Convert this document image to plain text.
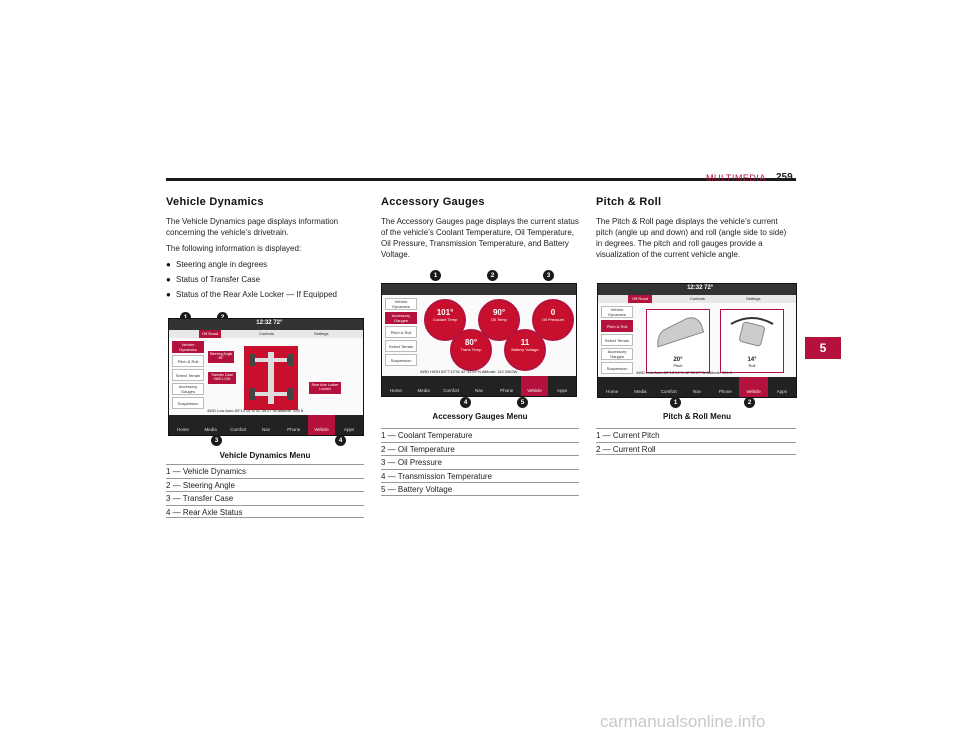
MULTIMEDIA 259
5
Vehicle Dynamics

The Vehicle Dynamics page displays information concerning the vehicle’s drivetrain.

The following information is displayed:

● Steering angle in degrees
● Status of Transfer Case
● Status of the Rear Axle Locker — If Equipped
12:32 72°
Off Road	Controls	Settings
Vehicle Dynamics
Pitch & Roll
Select Terrain
Accessory Gauges
Suspension
Steering Angle
35°
Transfer Case
4WD LOW
Rear Axle Locker
Locked
4WD Low Auto 83°13'14"N 41°39'27"W Altitude: 326 ft
Home	Media	Comfort	Nav	Phone	Vehicle	Apps
3	4
Vehicle Dynamics Menu
1 — Vehicle Dynamics
2 — Steering Angle
3 — Transfer Case
4 — Rear Axle Status
Accessory Gauges

The Accessory Gauges page displays the current status of the vehicle’s Coolant Temperature, Oil Temperature, Oil Pressure, Transmission Temperature, and Battery Voltage.

1	2	3
Vehicle Dynamics
Accessory Gauges
Pitch & Roll
Select Terrain
Suspension
101°
Coolant Temp
90°
Oil Temp
0
Oil Pressure
80°
Trans Temp
11
Battery Voltage
4WD HIGH 83°7'13"W 42°33'09"N Altitude: 110 SNOW
Home	Media	Comfort	Nav	Phone	Vehicle	Apps
4	5
Accessory Gauges Menu
1 — Coolant Temperature
2 — Oil Temperature
3 — Oil Pressure
4 — Transmission Temperature
5 — Battery Voltage
Pitch & Roll

The Pitch & Roll page displays the vehicle’s current pitch (angle up and down) and roll (angle side to side) in degrees. The pitch and roll gauges provide a visualization of the current vehicle angle.

12:32 72°
Off Road	Controls	Settings
Vehicle Dynamics
Pitch & Roll
Select Terrain
Accessory Gauges
Suspension
20°
Pitch
14°
Roll
4WD Low Auto 83°13'14"N 42°39'27"W Altitude: 326 ft
Home	Media	Comfort	Nav	Phone	Vehicle	Apps
1	2
Pitch & Roll Menu
1 — Current Pitch
2 — Current Roll
carmanualsonline.info
